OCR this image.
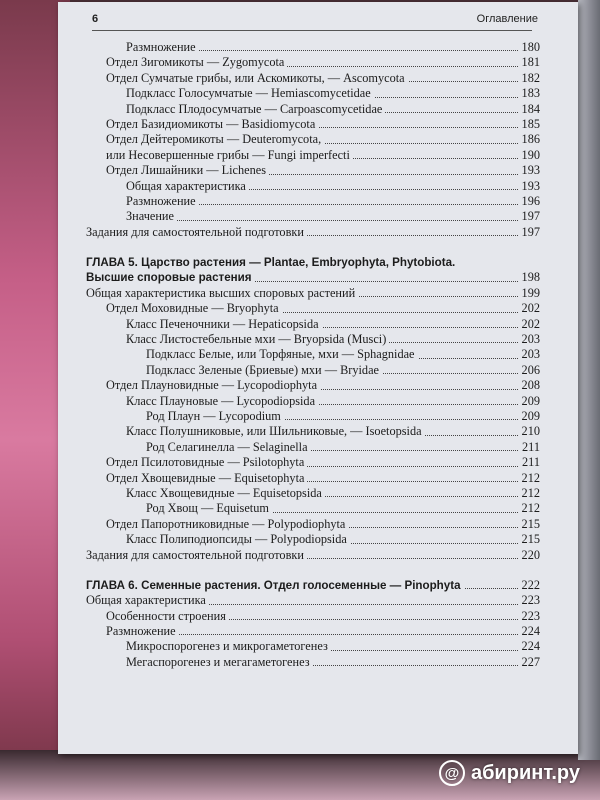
6	Оглавление
Размножение	180
Отдел Зигомикоты — Zygomycota	181
Отдел Сумчатые грибы, или Аскомикоты, — Ascomycota	182
Подкласс Голосумчатые — Hemiascomycetidae	183
Подкласс Плодосумчатые — Carpoascomycetidae	184
Отдел Базидиомикоты — Basidiomycota	185
Отдел Дейтеромикоты — Deuteromycota,	186
или Несовершенные грибы — Fungi imperfecti	190
Отдел Лишайники — Lichenes	193
Общая характеристика	193
Размножение	196
Значение	197
Задания для самостоятельной подготовки	197
ГЛАВА 5. Царство растения — Plantae, Embryophyta, Phytobiota.
Высшие споровые растения	198
Общая характеристика высших споровых растений	199
Отдел Моховидные — Bryophyta	202
Класс Печеночники — Hepaticopsida	202
Класс Листостебельные мхи — Bryopsida (Musci)	203
Подкласс Белые, или Торфяные, мхи — Sphagnidae	203
Подкласс Зеленые (Бриевые) мхи — Bryidae	206
Отдел Плауновидные — Lycopodiophyta	208
Класс Плауновые — Lycopodiopsida	209
Род Плаун — Lycopodium	209
Класс Полушниковые, или Шильниковые, — Isoetopsida	210
Род Селагинелла — Selaginella	211
Отдел Псилотовидные — Psilotophyta	211
Отдел Хвощевидные — Equisetophyta	212
Класс Хвощевидные — Equisetopsida	212
Род Хвощ — Equisetum	212
Отдел Папоротниковидные — Polypodiophyta	215
Класс Полиподиопсиды — Polypodiopsida	215
Задания для самостоятельной подготовки	220
ГЛАВА 6. Семенные растения. Отдел голосеменные — Pinophyta	222
Общая характеристика	223
Особенности строения	223
Размножение	224
Микроспорогенез и микрогаметогенез	224
Мегаспорогенез и мегагаметогенез	227
@ абиринт.ру
